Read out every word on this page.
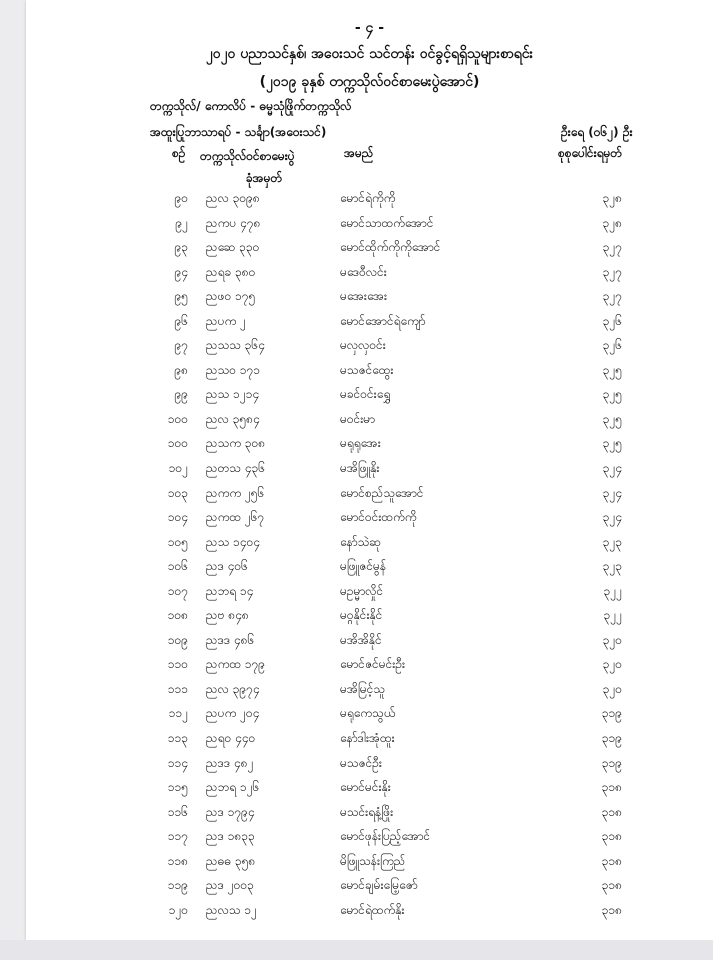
- ၄ -
၂၀၂၀ ပညာသင်နှစ်၊ အဝေးသင် သင်တန်း ဝင်ခွင့်ရရှိသူများစာရင်း
(၂၀၁၉ ခုနှစ် တက္ကသိုလ်ဝင်စာမေးပွဲအောင်)
တက္ကသိုလ်/ ကောလိပ် - ဓမ္မသုံဖြိုက်တက္ကသိုလ်
အထူးပြုဘာသာရပ် - သင်္ချာ(အဝေးသင်)	ဦးရေ (၀၆၂) ဦး
စဉ် တက္ကသိုလ်ဝင်စာမေးပွဲ
ခုံအမှတ်
အမည်	စုစုပေါင်းရမှတ်
၉၀ ညလ ၃၀၉၈	မောင်ရဲကိုကို	၃၂၈
၉၂ ညကပ ၄၇၈	မောင်သာထက်အောင်	၃၂၈
၉၃ ညဆေ ၃၃၀	မောင်ထိုက်ကိုကိုအောင်	၃၂၇
၉၄ ညရခ ၃၈၀	မဒေဝီလင်း	၃၂၇
၉၅ ညဖဝ ၁၇၅	မအေးအေး	၃၂၇
၉၆ ညပက ၂	မောင်အောင်ရဲကျော်	၃၂၆
၉၇ ညသသ ၃၆၄	မလှလှဝင်း	၃၂၆
၉၈ ညသဝ ၁၇၁	မသဇင်ထွေး	၃၂၅
၉၉ ညသ ၁၂၁၄	မခင်ဝင်းရွှေ	၃၂၅
၁၀၀ ညလ ၃၅၈၄	မဝင်းမာ	၃၂၅
၁၀၀ ညသက ၃၀၈	မရုရုအေး	၃၂၅
၁၀၂ ညတသ ၄၃၆	မအိဖြူနိုး	၃၂၄
၁၀၃ ညကက ၂၅၆	မောင်စည်သူအောင်	၃၂၄
၁၀၄ ညကထ ၂၆၇	မောင်ဝင်းထက်ကို	၃၂၄
၁၀၅ ညသ ၁၄၀၄	နော်သဲဆု	၃၂၃
၁၀၆ ညဒ ၄၀၆	မဖြူဇင်မွန်	၃၂၃
၁၀၇ ညဘရ ၁၄	မဥမ္မာလှိုင်	၃၂၂
၁၀၈ ညဗ ၈၄၈	မဝ္ဂနိုင်းနိုင်	၃၂၂
၁၀၉ ညဒဒ ၄၈၆	မအိအိနိုင်	၃၂၀
၁၁၀ ညကထ ၁၇၉	မောင်ဇင်မင်းဦး	၃၂၀
၁၁၁ ညလ ၃၉၇၄	မအိမြင့်သူ	၃၂၀
၁၁၂ ညပက ၂၀၄	မရုကေသွယ်	၃၁၉
၁၁၃ ညရဝ ၄၄၀	နော်ဒါးအုံထူး	၃၁၉
၁၁၄ ညဒဒ ၄၈၂	မသဇင်ဦး	၃၁၉
၁၁၅ ညဘရ ၁၂၆	မောင်မင်းနိုး	၃၁၈
၁၁၆ ညဒ ၁၇၉၄	မသင်းရနံ့ဖြိုး	၃၁၈
၁၁၇ ညဒ ၁၈၃၃	မောင်ဖုန်းပြည့်အောင်	၃၁၈
၁၁၈ ညဓဓ ၃၅၈	မိဖြူသန်းကြည်	၃၁၈
၁၁၉ ညဒ ၂၀၀၃	မောင်ချမ်းမြေ့ဇော်	၃၁၈
၁၂၀ ညလသ ၁၂	မောင်ရဲထက်နိုး	၃၁၈
